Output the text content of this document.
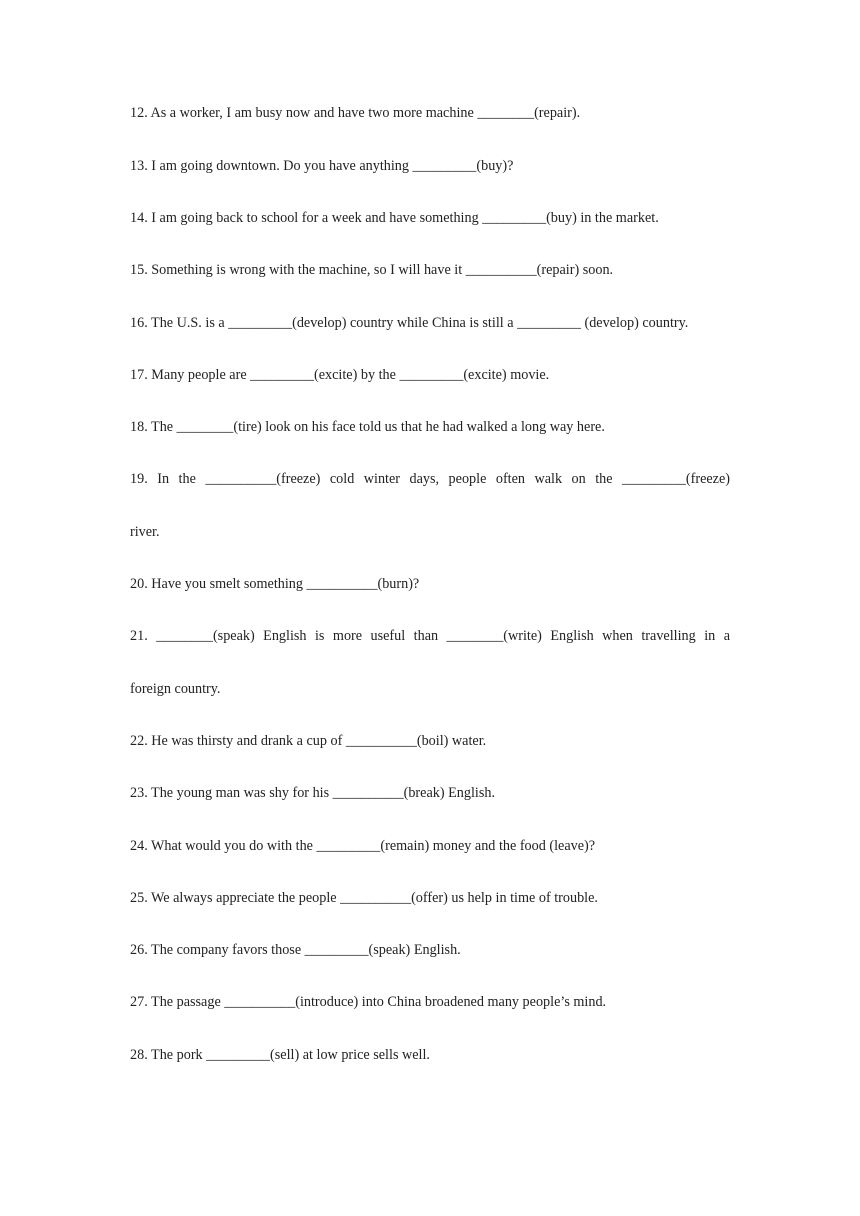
12. As a worker, I am busy now and have two more machine ________(repair).
13. I am going downtown. Do you have anything _________(buy)?
14. I am going back to school for a week and have something _________(buy) in the market.
15. Something is wrong with the machine, so I will have it __________(repair) soon.
16. The U.S. is a _________(develop) country while China is still a _________ (develop) country.
17. Many people are _________(excite) by the _________(excite) movie.
18. The ________(tire) look on his face told us that he had walked a long way here.
19. In the __________(freeze) cold winter days, people often walk on the _________(freeze)
river.
20. Have you smelt something __________(burn)?
21. ________(speak) English is more useful than ________(write) English when travelling in a
foreign country.
22. He was thirsty and drank a cup of __________(boil) water.
23. The young man was shy for his __________(break) English.
24. What would you do with the _________(remain) money and the food (leave)?
25. We always appreciate the people __________(offer) us help in time of trouble.
26. The company favors those _________(speak) English.
27. The passage __________(introduce) into China broadened many people’s mind.
28. The pork _________(sell) at low price sells well.
